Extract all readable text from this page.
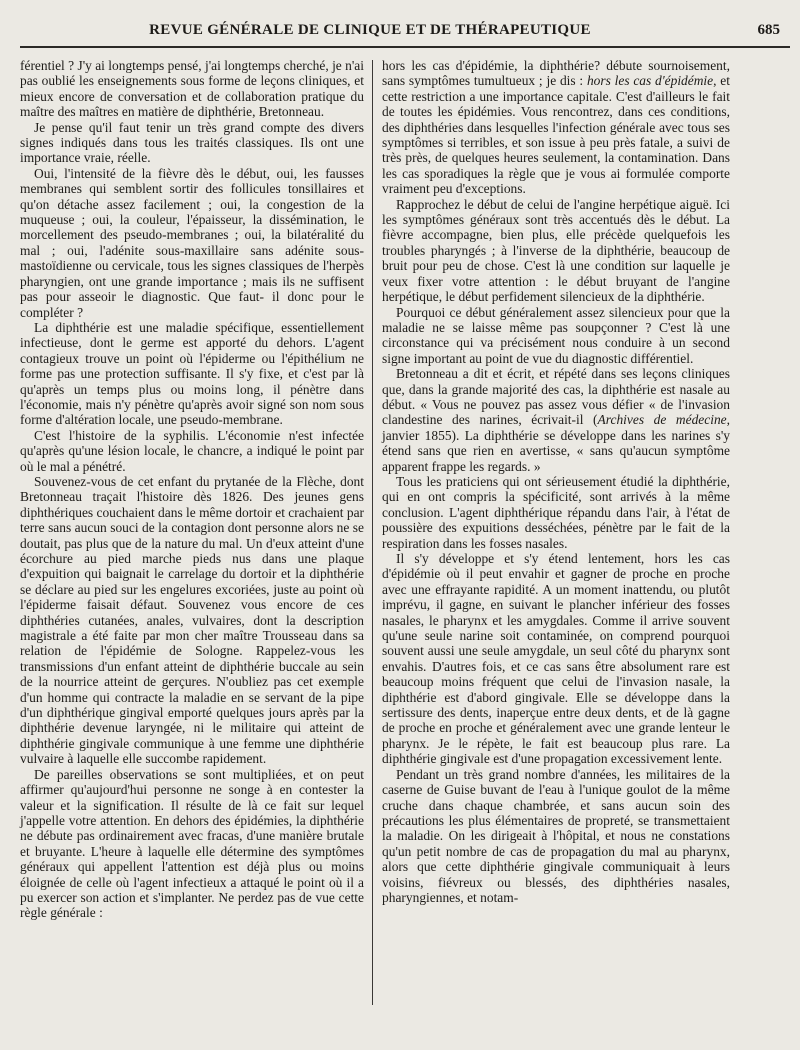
REVUE GÉNÉRALE DE CLINIQUE ET DE THÉRAPEUTIQUE	685

férentiel ? J'y ai longtemps pensé, j'ai longtemps cherché, je n'ai pas oublié les enseignements sous forme de leçons cliniques, et mieux encore de conversation et de collaboration pratique du maître des maîtres en matière de diphthérie, Bretonneau.

Je pense qu'il faut tenir un très grand compte des divers signes indiqués dans tous les traités classiques. Ils ont une importance vraie, réelle.

Oui, l'intensité de la fièvre dès le début, oui, les fausses membranes qui semblent sortir des follicules tonsillaires et qu'on détache assez facilement ; oui, la congestion de la muqueuse ; oui, la couleur, l'épaisseur, la dissémination, le morcellement des pseudo-membranes ; oui, la bilatéralité du mal ; oui, l'adénite sous-maxillaire sans adénite sous-mastoïdienne ou cervicale, tous les signes classiques de l'herpès pharyngien, ont une grande importance ; mais ils ne suffisent pas pour asseoir le diagnostic. Que faut- il donc pour le compléter ?

La diphthérie est une maladie spécifique, essentiellement infectieuse, dont le germe est apporté du dehors. L'agent contagieux trouve un point où l'épiderme ou l'épithélium ne forme pas une protection suffisante. Il s'y fixe, et c'est par là qu'après un temps plus ou moins long, il pénètre dans l'économie, mais n'y pénètre qu'après avoir signé son nom sous forme d'altération locale, une pseudo-membrane.

C'est l'histoire de la syphilis. L'économie n'est infectée qu'après qu'une lésion locale, le chancre, a indiqué le point par où le mal a pénétré.

Souvenez-vous de cet enfant du prytanée de la Flèche, dont Bretonneau traçait l'histoire dès 1826. Des jeunes gens diphthériques couchaient dans le même dortoir et crachaient par terre sans aucun souci de la contagion dont personne alors ne se doutait, pas plus que de la nature du mal. Un d'eux atteint d'une écorchure au pied marche pieds nus dans une plaque d'expuition qui baignait le carrelage du dortoir et la diphthérie se déclare au pied sur les engelures excoriées, juste au point où l'épiderme faisait défaut. Souvenez vous encore de ces diphthéries cutanées, anales, vulvaires, dont la description magistrale a été faite par mon cher maître Trousseau dans sa relation de l'épidémie de Sologne. Rappelez-vous les transmissions d'un enfant atteint de diphthérie buccale au sein de la nourrice atteint de gerçures. N'oubliez pas cet exemple d'un homme qui contracte la maladie en se servant de la pipe d'un diphthérique gingival emporté quelques jours après par la diphthérie devenue laryngée, ni le militaire qui atteint de diphthérie gingivale communique à une femme une diphthérie vulvaire à laquelle elle succombe rapidement.

De pareilles observations se sont multipliées, et on peut affirmer qu'aujourd'hui personne ne songe à en contester la valeur et la signification. Il résulte de là ce fait sur lequel j'appelle votre attention. En dehors des épidémies, la diphthérie ne débute pas ordinairement avec fracas, d'une manière brutale et bruyante. L'heure à laquelle elle détermine des symptômes généraux qui appellent l'attention est déjà plus ou moins éloignée de celle où l'agent infectieux a attaqué le point où il a pu exercer son action et s'implanter. Ne perdez pas de vue cette règle générale :

hors les cas d'épidémie, la diphthérie? débute sournoisement, sans symptômes tumultueux ; je dis : hors les cas d'épidémie, et cette restriction a une importance capitale. C'est d'ailleurs le fait de toutes les épidémies. Vous rencontrez, dans ces conditions, des diphthéries dans lesquelles l'infection générale avec tous ses symptômes si terribles, et son issue à peu près fatale, a suivi de très près, de quelques heures seulement, la contamination. Dans les cas sporadiques la règle que je vous ai formulée comporte vraiment peu d'exceptions.

Rapprochez le début de celui de l'angine herpétique aiguë. Ici les symptômes généraux sont très accentués dès le début. La fièvre accompagne, bien plus, elle précède quelquefois les troubles pharyngés ; à l'inverse de la diphthérie, beaucoup de bruit pour peu de chose. C'est là une condition sur laquelle je veux fixer votre attention : le début bruyant de l'angine herpétique, le début perfidement silencieux de la diphthérie.

Pourquoi ce début généralement assez silencieux pour que la maladie ne se laisse même pas soupçonner ? C'est là une circonstance qui va précisément nous conduire à un second signe important au point de vue du diagnostic différentiel.

Bretonneau a dit et écrit, et répété dans ses leçons cliniques que, dans la grande majorité des cas, la diphthérie est nasale au début. « Vous ne pouvez pas assez vous défier « de l'invasion clandestine des narines, écrivait-il (Archives de médecine, janvier 1855). La diphthérie se développe dans les narines s'y étend sans que rien en avertisse, « sans qu'aucun symptôme apparent frappe les regards. »

Tous les praticiens qui ont sérieusement étudié la diphthérie, qui en ont compris la spécificité, sont arrivés à la même conclusion. L'agent diphthérique répandu dans l'air, à l'état de poussière des expuitions desséchées, pénètre par le fait de la respiration dans les fosses nasales.

Il s'y développe et s'y étend lentement, hors les cas d'épidémie où il peut envahir et gagner de proche en proche avec une effrayante rapidité. A un moment inattendu, ou plutôt imprévu, il gagne, en suivant le plancher inférieur des fosses nasales, le pharynx et les amygdales. Comme il arrive souvent qu'une seule narine soit contaminée, on comprend pourquoi souvent aussi une seule amygdale, un seul côté du pharynx sont envahis. D'autres fois, et ce cas sans être absolument rare est beaucoup moins fréquent que celui de l'invasion nasale, la diphthérie est d'abord gingivale. Elle se développe dans la sertissure des dents, inaperçue entre deux dents, et de là gagne de proche en proche et généralement avec une grande lenteur le pharynx. Je le répète, le fait est beaucoup plus rare. La diphthérie gingivale est d'une propagation excessivement lente.

Pendant un très grand nombre d'années, les militaires de la caserne de Guise buvant de l'eau à l'unique goulot de la même cruche dans chaque chambrée, et sans aucun soin des précautions les plus élémentaires de propreté, se transmettaient la maladie. On les dirigeait à l'hôpital, et nous ne constations qu'un petit nombre de cas de propagation du mal au pharynx, alors que cette diphthérie gingivale communiquait à leurs voisins, fiévreux ou blessés, des diphthéries nasales, pharyngiennes, et notam-
